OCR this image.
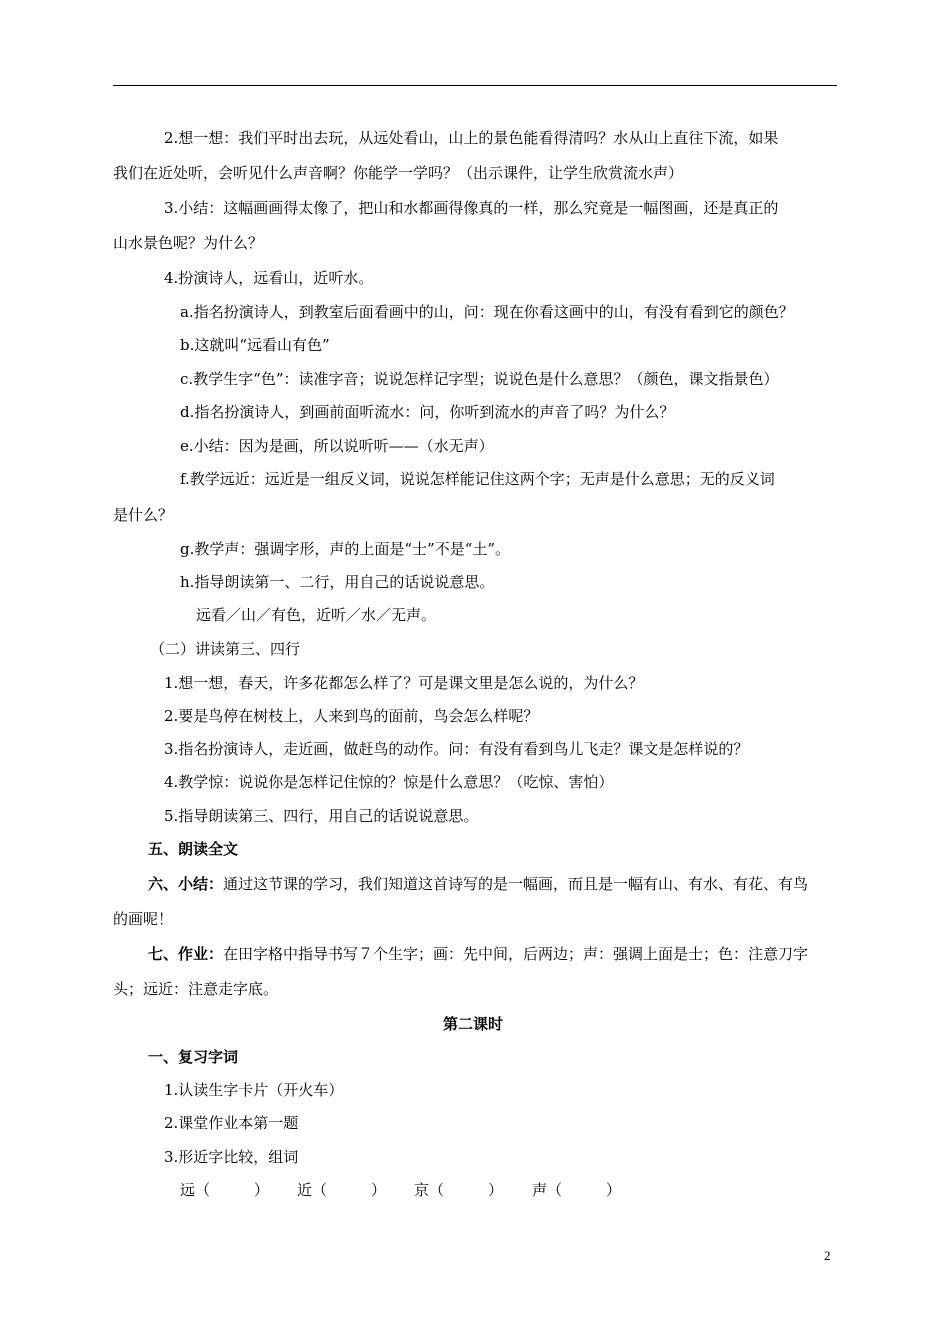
2.想一想：我们平时出去玩，从远处看山，山上的景色能看得清吗？水从山上直往下流，如果
我们在近处听，会听见什么声音啊？你能学一学吗？（出示课件，让学生欣赏流水声）
3.小结：这幅画画得太像了，把山和水都画得像真的一样，那么究竟是一幅图画，还是真正的
山水景色呢？为什么？
4.扮演诗人，远看山，近听水。
a.指名扮演诗人，到教室后面看画中的山，问：现在你看这画中的山，有没有看到它的颜色？
b.这就叫“远看山有色”
c.教学生字“色”：读准字音；说说怎样记字型；说说色是什么意思？（颜色，课文指景色）
d.指名扮演诗人，到画前面听流水：问，你听到流水的声音了吗？为什么？
e.小结：因为是画，所以说听听——（水无声）
f.教学远近：远近是一组反义词，说说怎样能记住这两个字；无声是什么意思；无的反义词
是什么？
g.教学声：强调字形，声的上面是“士”不是“土”。
h.指导朗读第一、二行，用自己的话说说意思。
远看／山／有色，近听／水／无声。
（二）讲读第三、四行
1.想一想，春天，许多花都怎么样了？可是课文里是怎么说的，为什么？
2.要是鸟停在树枝上，人来到鸟的面前，鸟会怎么样呢？
3.指名扮演诗人，走近画，做赶鸟的动作。问：有没有看到鸟儿飞走？课文是怎样说的？
4.教学惊：说说你是怎样记住惊的？惊是什么意思？（吃惊、害怕）
5.指导朗读第三、四行，用自己的话说说意思。
五、朗读全文
六、小结：通过这节课的学习，我们知道这首诗写的是一幅画，而且是一幅有山、有水、有花、有鸟
的画呢！
七、作业：在田字格中指导书写７个生字；画：先中间，后两边；声：强调上面是士；色：注意刀字
头；远近：注意走字底。
第二课时
一、复习字词
1.认读生字卡片（开火车）
2.课堂作业本第一题
3.形近字比较，组词
远（	） 近（	） 京（	） 声（	）
2
